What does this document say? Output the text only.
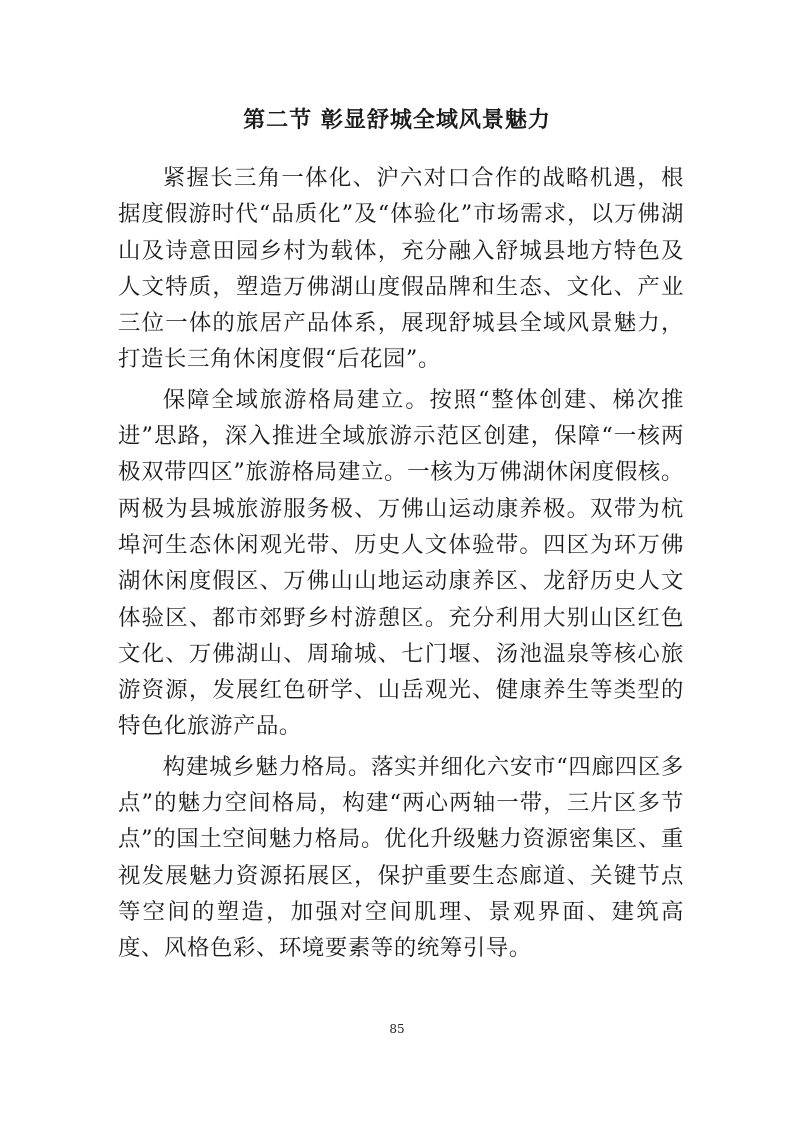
第二节 彰显舒城全域风景魅力

紧握长三角一体化、沪六对口合作的战略机遇，根据度假游时代“品质化”及“体验化”市场需求，以万佛湖山及诗意田园乡村为载体，充分融入舒城县地方特色及人文特质，塑造万佛湖山度假品牌和生态、文化、产业三位一体的旅居产品体系，展现舒城县全域风景魅力，打造长三角休闲度假“后花园”。

保障全域旅游格局建立。按照“整体创建、梯次推进”思路，深入推进全域旅游示范区创建，保障“一核两极双带四区”旅游格局建立。一核为万佛湖休闲度假核。两极为县城旅游服务极、万佛山运动康养极。双带为杭埠河生态休闲观光带、历史人文体验带。四区为环万佛湖休闲度假区、万佛山山地运动康养区、龙舒历史人文体验区、都市郊野乡村游憩区。充分利用大别山区红色文化、万佛湖山、周瑜城、七门堰、汤池温泉等核心旅游资源，发展红色研学、山岳观光、健康养生等类型的特色化旅游产品。

构建城乡魅力格局。落实并细化六安市“四廊四区多点”的魅力空间格局，构建“两心两轴一带，三片区多节点”的国土空间魅力格局。优化升级魅力资源密集区、重视发展魅力资源拓展区，保护重要生态廊道、关键节点等空间的塑造，加强对空间肌理、景观界面、建筑高度、风格色彩、环境要素等的统筹引导。

85
